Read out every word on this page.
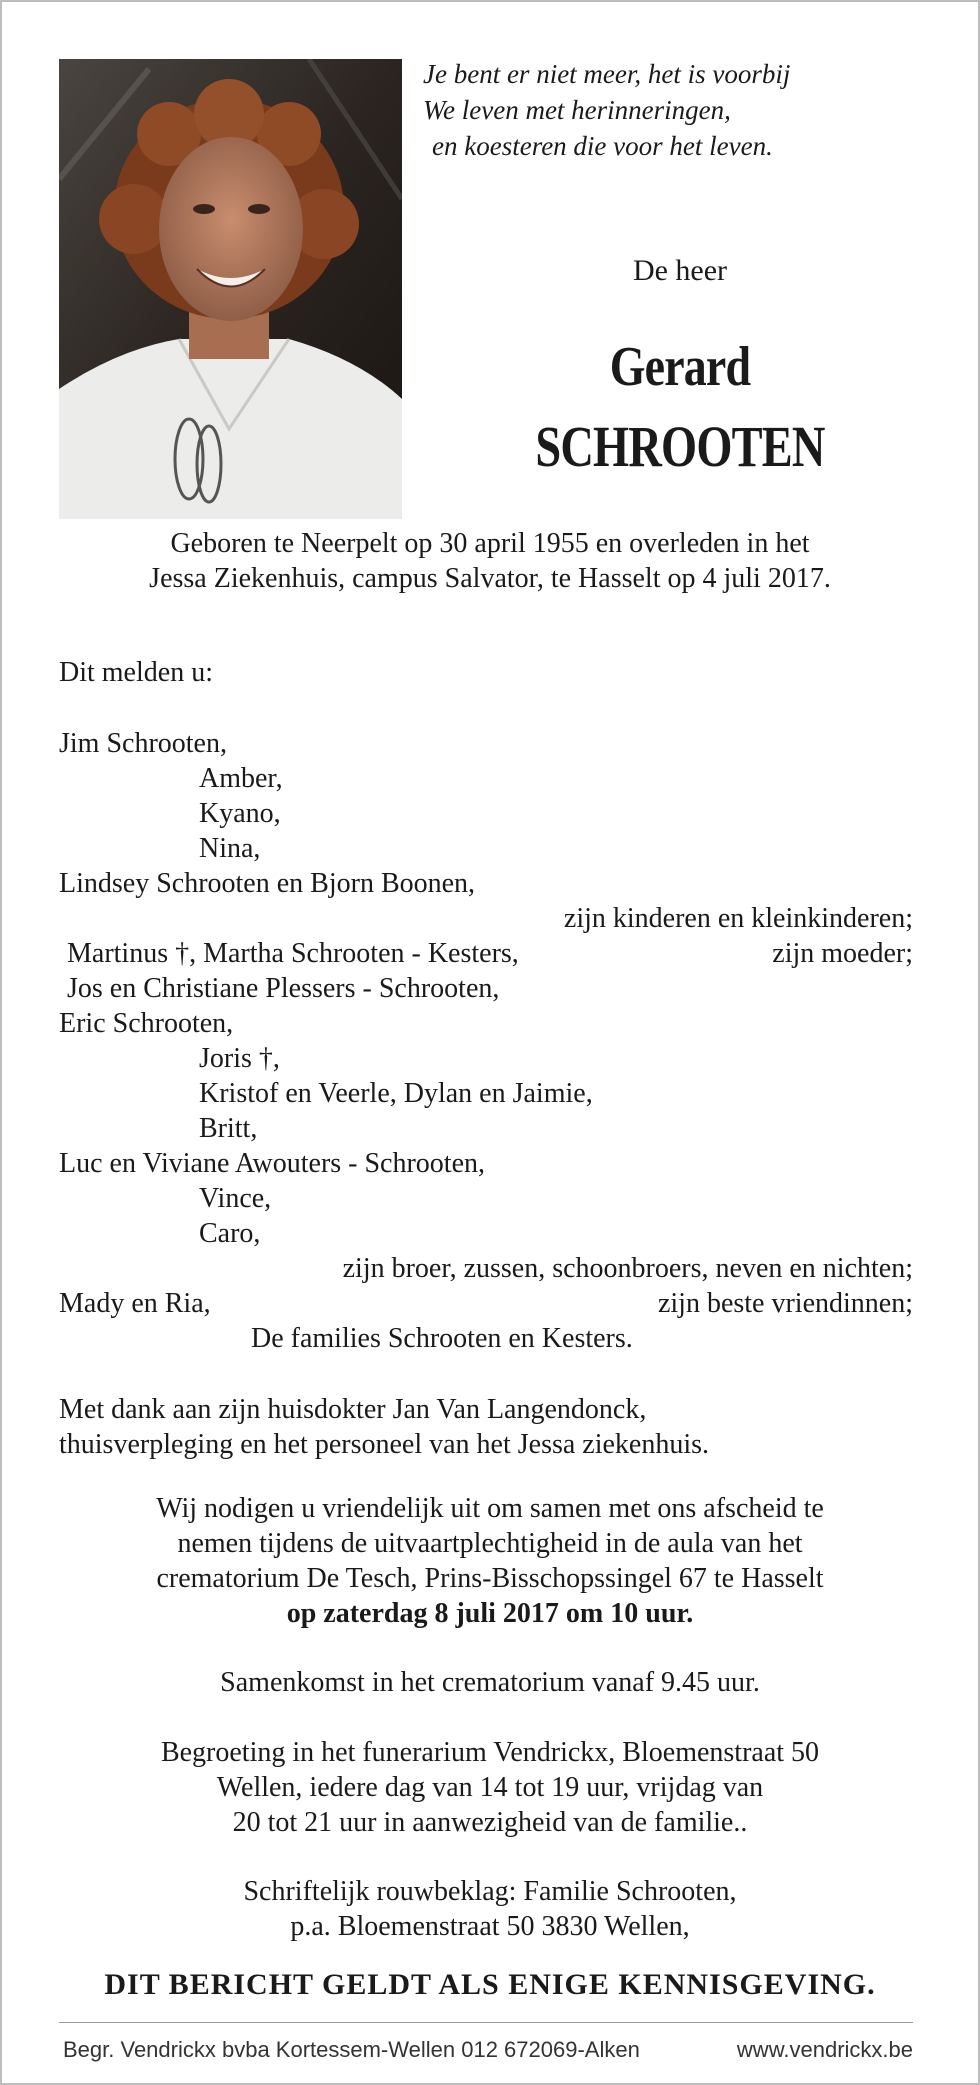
Je bent er niet meer, het is voorbij
We leven met herinneringen,
en koesteren die voor het leven.
De heer
Gerard
SCHROOTEN
Geboren te Neerpelt op 30 april 1955 en overleden in het
Jessa Ziekenhuis, campus Salvator, te Hasselt op 4 juli 2017.
Dit melden u:
Jim Schrooten,
Amber,
Kyano,
Nina,
Lindsey Schrooten en Bjorn Boonen,
zijn kinderen en kleinkinderen;
Martinus †, Martha Schrooten - Kesters,	zijn moeder;
Jos en Christiane Plessers - Schrooten,
Eric Schrooten,
Joris †,
Kristof en Veerle, Dylan en Jaimie,
Britt,
Luc en Viviane Awouters - Schrooten,
Vince,
Caro,
zijn broer, zussen, schoonbroers, neven en nichten;
Mady en Ria,	zijn beste vriendinnen;
De families Schrooten en Kesters.
Met dank aan zijn huisdokter Jan Van Langendonck,
thuisverpleging en het personeel van het Jessa ziekenhuis.
Wij nodigen u vriendelijk uit om samen met ons afscheid te
nemen tijdens de uitvaartplechtigheid in de aula van het
crematorium De Tesch, Prins-Bisschopssingel 67 te Hasselt
op zaterdag 8 juli 2017 om 10 uur.
Samenkomst in het crematorium vanaf 9.45 uur.
Begroeting in het funerarium Vendrickx, Bloemenstraat 50
Wellen, iedere dag van 14 tot 19 uur, vrijdag van
20 tot 21 uur in aanwezigheid van de familie..
Schriftelijk rouwbeklag: Familie Schrooten,
p.a. Bloemenstraat 50 3830 Wellen,
DIT BERICHT GELDT ALS ENIGE KENNISGEVING.
Begr. Vendrickx bvba Kortessem-Wellen 012 672069-Alken	www.vendrickx.be
